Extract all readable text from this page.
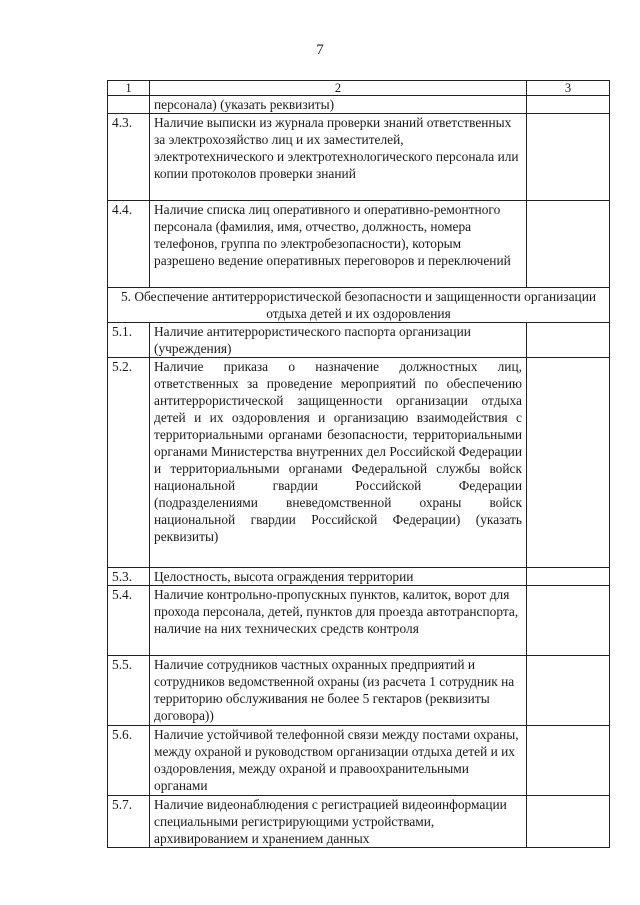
7
1	2	3
	персонала) (указать реквизиты)	
4.3.	Наличие выписки из журнала проверки знаний ответственных за электрохозяйство лиц и их заместителей, электротехнического и электротехнологического персонала или копии протоколов проверки знаний	
4.4.	Наличие списка лиц оперативного и оперативно-ремонтного персонала (фамилия, имя, отчество, должность, номера телефонов, группа по электробезопасности), которым разрешено ведение оперативных переговоров и переключений	
5. Обеспечение антитеррористической безопасности и защищенности организации отдыха детей и их оздоровления		
5.1.	Наличие антитеррористического паспорта организации (учреждения)	
5.2.	Наличие приказа о назначение должностных лиц, ответственных за проведение мероприятий по обеспечению антитеррористической защищенности организации отдыха детей и их оздоровления и организацию взаимодействия с территориальными органами безопасности, территориальными органами Министерства внутренних дел Российской Федерации и территориальными органами Федеральной службы войск национальной гвардии Российской Федерации (подразделениями вневедомственной охраны войск национальной гвардии Российской Федерации) (указать реквизиты)	
5.3.	Целостность, высота ограждения территории	
5.4.	Наличие контрольно-пропускных пунктов, калиток, ворот для прохода персонала, детей, пунктов для проезда автотранспорта, наличие на них технических средств контроля	
5.5.	Наличие сотрудников частных охранных предприятий и сотрудников ведомственной охраны (из расчета 1 сотрудник на территорию обслуживания не более 5 гектаров (реквизиты договора))	
5.6.	Наличие устойчивой телефонной связи между постами охраны, между охраной и руководством организации отдыха детей и их оздоровления, между охраной и правоохранительными органами	
5.7.	Наличие видеонаблюдения с регистрацией видеоинформации специальными регистрирующими устройствами, архивированием и хранением данных	
